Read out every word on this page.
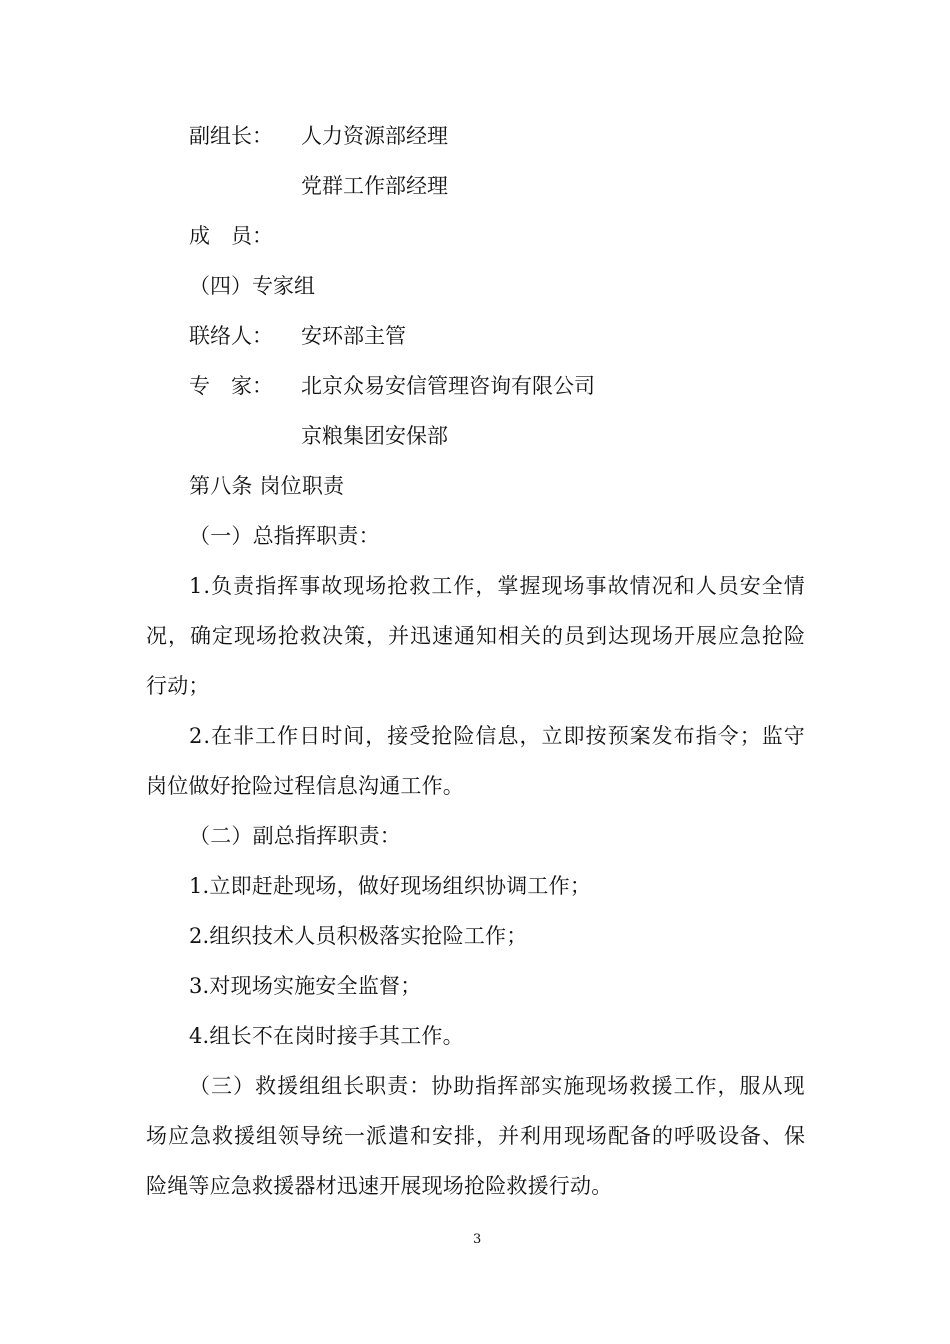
副组长： 人力资源部经理
党群工作部经理
成　员：
（四）专家组
联络人： 安环部主管
专　家： 北京众易安信管理咨询有限公司
京粮集团安保部
第八条 岗位职责
（一）总指挥职责：
1.负责指挥事故现场抢救工作，掌握现场事故情况和人员安全情
况，确定现场抢救决策，并迅速通知相关的员到达现场开展应急抢险
行动；
2.在非工作日时间，接受抢险信息，立即按预案发布指令；监守
岗位做好抢险过程信息沟通工作。
（二）副总指挥职责：
1.立即赶赴现场，做好现场组织协调工作；
2.组织技术人员积极落实抢险工作；
3.对现场实施安全监督；
4.组长不在岗时接手其工作。
（三）救援组组长职责：协助指挥部实施现场救援工作，服从现
场应急救援组领导统一派遣和安排，并利用现场配备的呼吸设备、保
险绳等应急救援器材迅速开展现场抢险救援行动。
3
